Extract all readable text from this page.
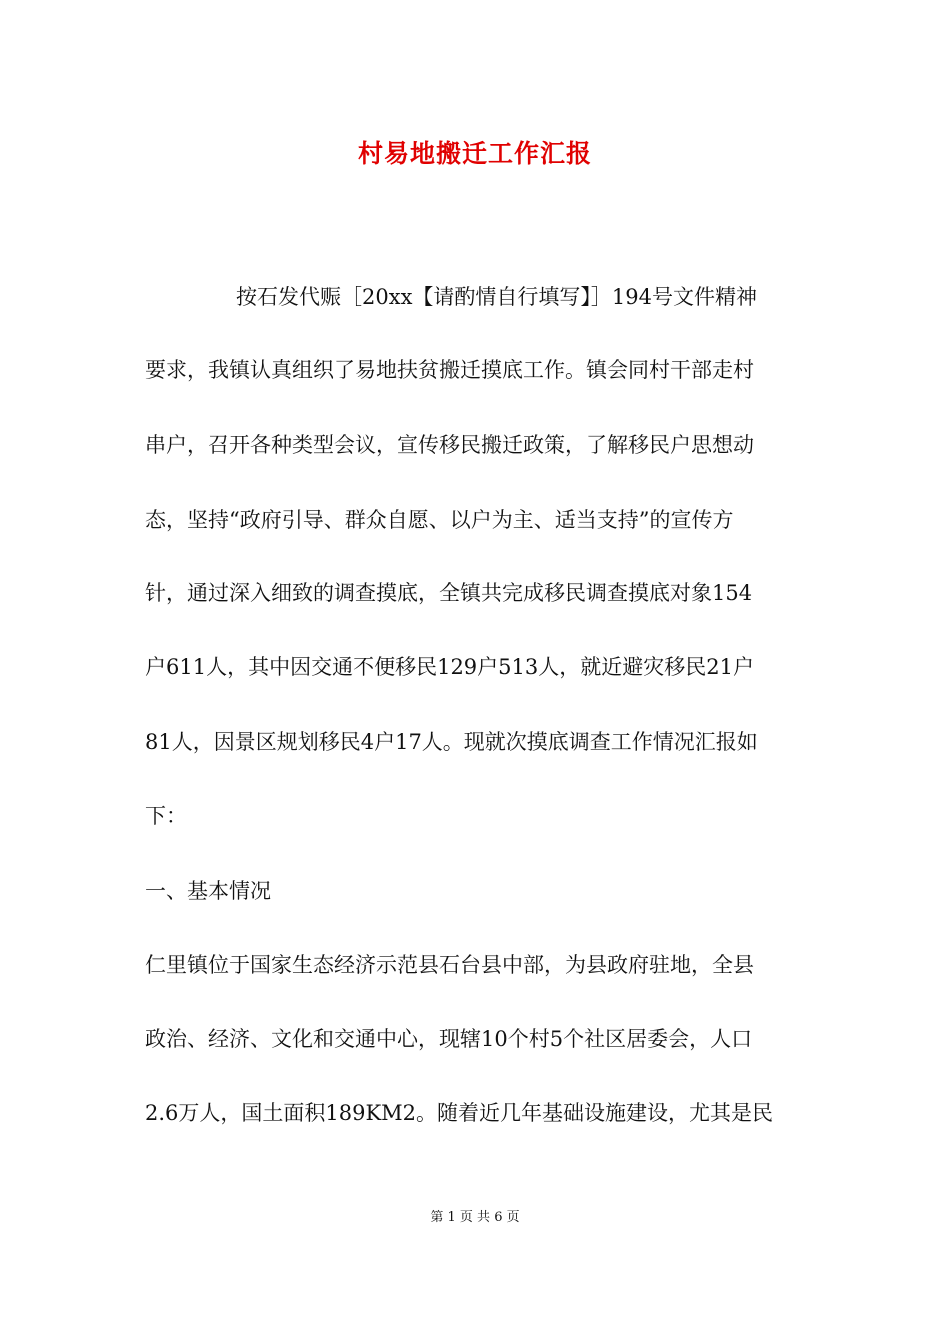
村易地搬迁工作汇报
按石发代赈［20xx【请酌情自行填写】］194号文件精神
要求，我镇认真组织了易地扶贫搬迁摸底工作。镇会同村干部走村
串户，召开各种类型会议，宣传移民搬迁政策，了解移民户思想动
态，坚持“政府引导、群众自愿、以户为主、适当支持”的宣传方
针，通过深入细致的调查摸底，全镇共完成移民调查摸底对象154
户611人，其中因交通不便移民129户513人，就近避灾移民21户
81人，因景区规划移民4户17人。现就次摸底调查工作情况汇报如
下：
一、基本情况
仁里镇位于国家生态经济示范县石台县中部，为县政府驻地，全县
政治、经济、文化和交通中心，现辖10个村5个社区居委会，人口
2.6万人，国土面积189KM2。随着近几年基础设施建设，尤其是民
第 1 页 共 6 页
